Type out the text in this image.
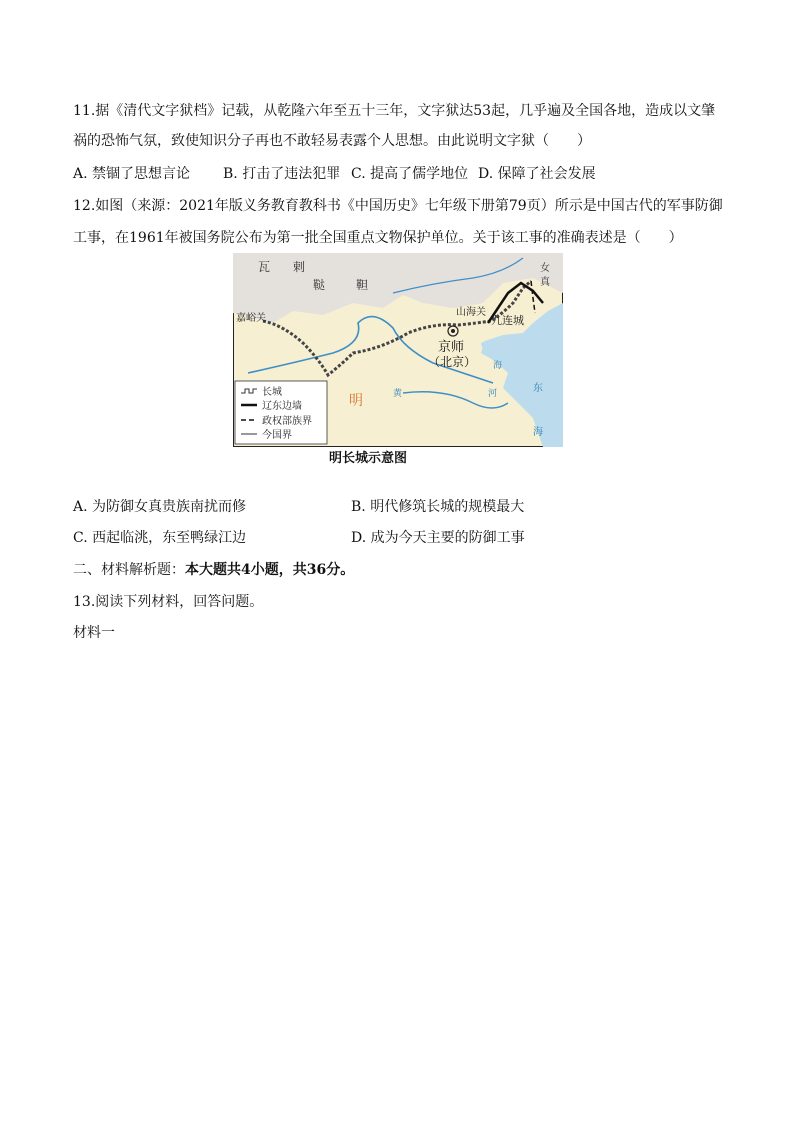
11.据《清代文字狱档》记载，从乾隆六年至五十三年，文字狱达53起，几乎遍及全国各地，造成以文肇
祸的恐怖气氛，致使知识分子再也不敢轻易表露个人思想。由此说明文字狱（　　）
A. 禁锢了思想言论 B. 打击了违法犯罪 C. 提高了儒学地位 D. 保障了社会发展
12.如图（来源：2021年版义务教育教科书《中国历史》七年级下册第79页）所示是中国古代的军事防御
工事，在1961年被国务院公布为第一批全国重点文物保护单位。关于该工事的准确表述是（　　）
瓦 剌
鞑	靼
女
真
嘉峪关
山海关
九连城
京师
（北京）
明	黄	河
海
东
海
长城
辽东边墙
政权部族界
今国界
明长城示意图
A. 为防御女真贵族南扰而修	B. 明代修筑长城的规模最大
C. 西起临洮，东至鸭绿江边	D. 成为今天主要的防御工事
二、材料解析题：本大题共4小题，共36分。
13.阅读下列材料，回答问题。
材料一
